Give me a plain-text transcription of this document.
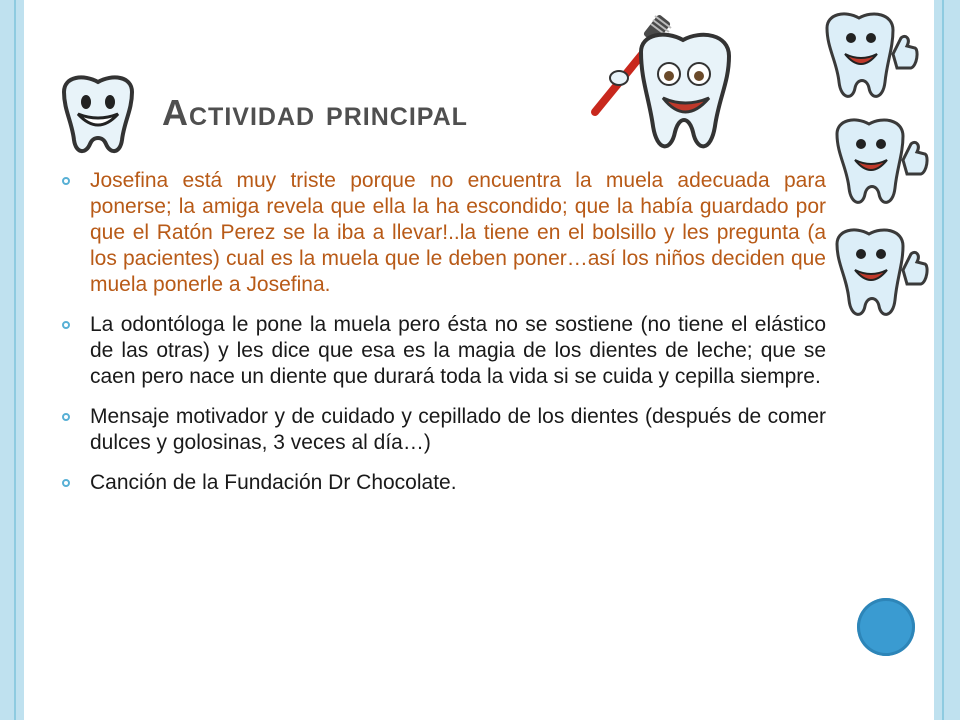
Actividad principal
Josefina está muy triste porque no encuentra la muela adecuada para ponerse; la amiga revela que ella la ha escondido; que la había guardado por que el Ratón Perez se la iba a llevar!..la tiene en el bolsillo y les pregunta (a los pacientes) cual es la muela que le deben poner…así los niños deciden que muela ponerle a Josefina.
La odontóloga le pone la muela pero ésta no se sostiene (no tiene el elástico de las otras) y les dice que esa es la magia de los dientes de leche; que se caen pero nace un diente que durará toda la vida si se cuida y cepilla siempre.
Mensaje motivador y de cuidado y cepillado de los dientes (después de comer dulces y golosinas, 3 veces al día…)
Canción de la Fundación Dr Chocolate.
